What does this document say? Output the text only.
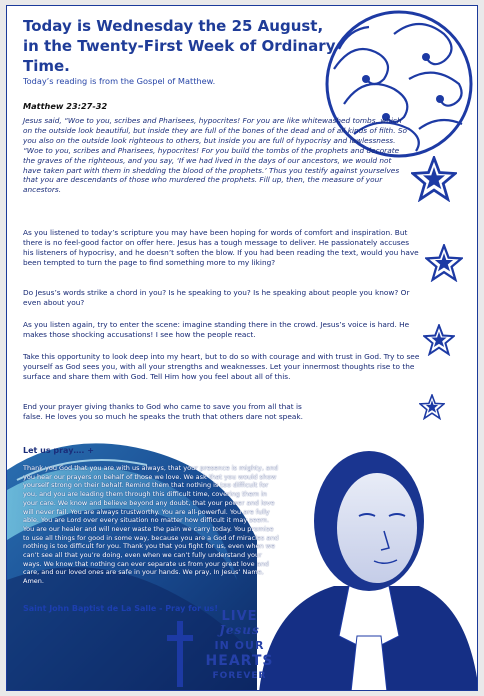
Today is Wednesday the 25 August, in the Twenty-First Week of Ordinary Time.

Today’s reading is from the Gospel of Matthew.

Matthew 23:27-32

Jesus said, “Woe to you, scribes and Pharisees, hypocrites! For you are like whitewashed tombs, which on the outside look beautiful, but inside they are full of the bones of the dead and of all kinds of filth. So you also on the outside look righteous to others, but inside you are full of hypocrisy and lawlessness. “Woe to you, scribes and Pharisees, hypocrites! For you build the tombs of the prophets and decorate the graves of the righteous, and you say, ‘If we had lived in the days of our ancestors, we would not have taken part with them in shedding the blood of the prophets.’ Thus you testify against yourselves that you are descendants of those who murdered the prophets. Fill up, then, the measure of your ancestors.

As you listened to today’s scripture you may have been hoping for words of comfort and inspiration. But there is no feel-good factor on offer here. Jesus has a tough message to deliver. He passionately accuses his listeners of hypocrisy, and he doesn’t soften the blow. If you had been reading the text, would you have been tempted to turn the page to find something more to my liking?

Do Jesus’s words strike a chord in you? Is he speaking to you? Is he speaking about people you know? Or even about you?

As you listen again, try to enter the scene: imagine standing there in the crowd. Jesus’s voice is hard. He makes those shocking accusations! I see how the people react.

Take this opportunity to look deep into my heart, but to do so with courage and with trust in God. Try to see yourself as God sees you, with all your strengths and weaknesses. Let your innermost thoughts rise to the surface and share them with God. Tell Him how you feel about all of this.

End your prayer giving thanks to God who came to save you from all that is false. He loves you so much he speaks the truth that others dare not speak.

Let us pray…. +

Thank you God that you are with us always, that your presence is mighty, and you hear our prayers on behalf of those we love. We ask that you would show yourself strong on their behalf. Remind them that nothing is too difficult for you, and you are leading them through this difficult time, covering them in your care. We know and believe beyond any doubt, that your power and love will never fail. You are always trustworthy. You are all-powerful. You are fully able. You are Lord over every situation no matter how difficult it may seem. You are our healer and will never waste the pain we carry today. You promise to use all things for good in some way, because you are a God of miracles and nothing is too difficult for you. Thank you that you fight for us, even when we can’t see all that you’re doing, even when we can’t fully understand your ways. We know that nothing can ever separate us from your great love and care, and our loved ones are safe in your hands. We pray, In Jesus’ Name, Amen.

Saint John Baptist de La Salle - Pray for us!

LIVE
Jesus
IN OUR
HEARTS
FOREVER
